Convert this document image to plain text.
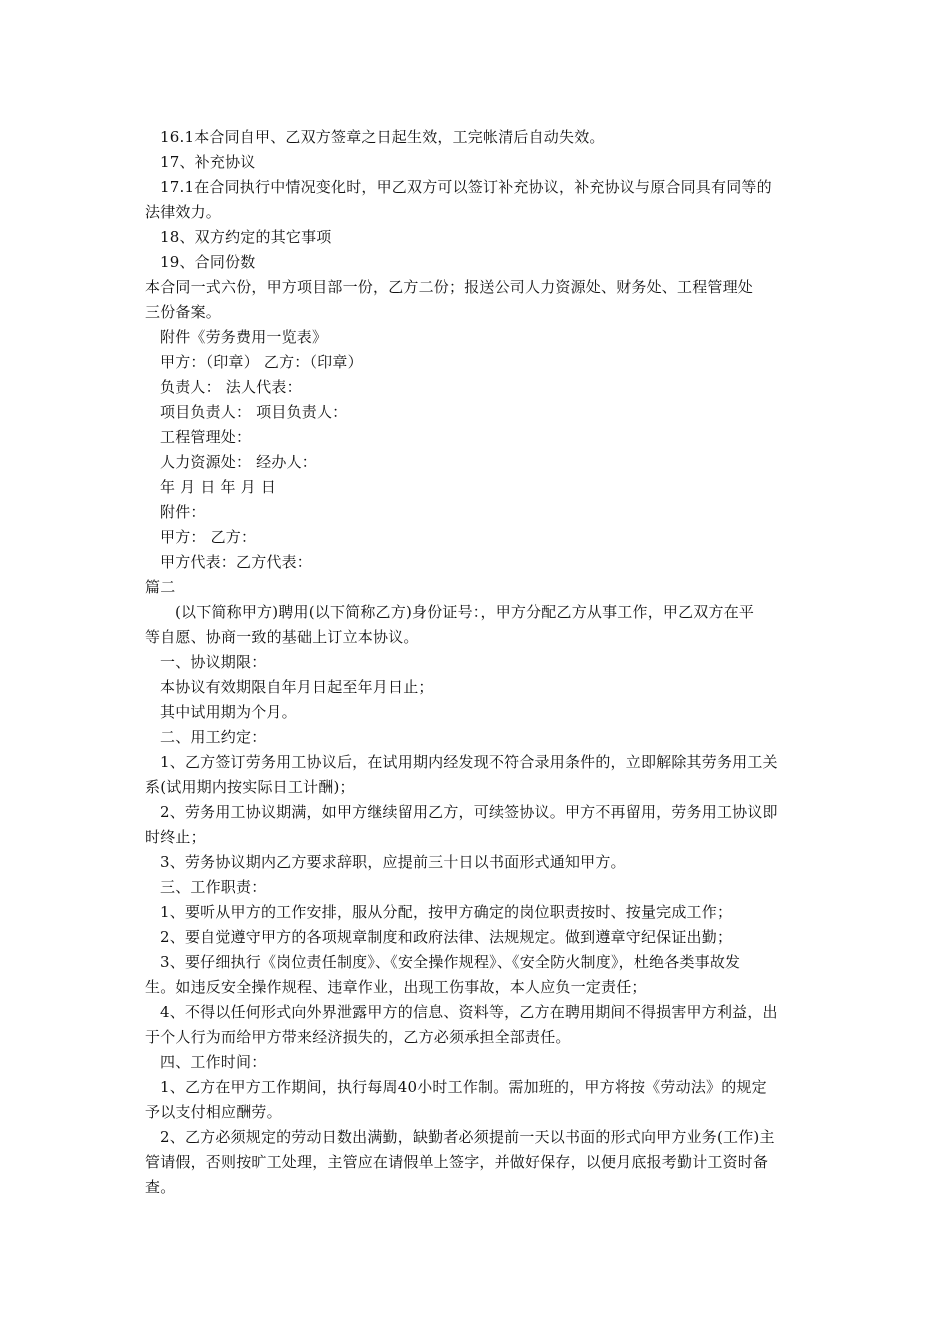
16.1本合同自甲、乙双方签章之日起生效，工完帐清后自动失效。

17、补充协议

17.1在合同执行中情况变化时，甲乙双方可以签订补充协议，补充协议与原合同具有同等的

法律效力。

18、双方约定的其它事项

19、合同份数

本合同一式六份，甲方项目部一份，乙方二份；报送公司人力资源处、财务处、工程管理处

三份备案。

附件《劳务费用一览表》

甲方：（印章） 乙方：（印章）

负责人： 法人代表：

项目负责人： 项目负责人：

工程管理处：

人力资源处： 经办人：

年 月 日 年 月 日

附件：

甲方： 乙方：

甲方代表：乙方代表：

篇二

(以下简称甲方)聘用(以下简称乙方)身份证号：，甲方分配乙方从事工作，甲乙双方在平

等自愿、协商一致的基础上订立本协议。

一、协议期限：

本协议有效期限自年月日起至年月日止；

其中试用期为个月。

二、用工约定：

1、乙方签订劳务用工协议后，在试用期内经发现不符合录用条件的，立即解除其劳务用工关

系(试用期内按实际日工计酬)；

2、劳务用工协议期满，如甲方继续留用乙方，可续签协议。甲方不再留用，劳务用工协议即

时终止；

3、劳务协议期内乙方要求辞职，应提前三十日以书面形式通知甲方。

三、工作职责：

1、要听从甲方的工作安排，服从分配，按甲方确定的岗位职责按时、按量完成工作；

2、要自觉遵守甲方的各项规章制度和政府法律、法规规定。做到遵章守纪保证出勤；

3、要仔细执行《岗位责任制度》、《安全操作规程》、《安全防火制度》，杜绝各类事故发

生。如违反安全操作规程、违章作业，出现工伤事故，本人应负一定责任；

4、不得以任何形式向外界泄露甲方的信息、资料等，乙方在聘用期间不得损害甲方利益，出

于个人行为而给甲方带来经济损失的，乙方必须承担全部责任。

四、工作时间：

1、乙方在甲方工作期间，执行每周40小时工作制。需加班的，甲方将按《劳动法》的规定

予以支付相应酬劳。

2、乙方必须规定的劳动日数出满勤，缺勤者必须提前一天以书面的形式向甲方业务(工作)主

管请假，否则按旷工处理，主管应在请假单上签字，并做好保存，以便月底报考勤计工资时备

查。
